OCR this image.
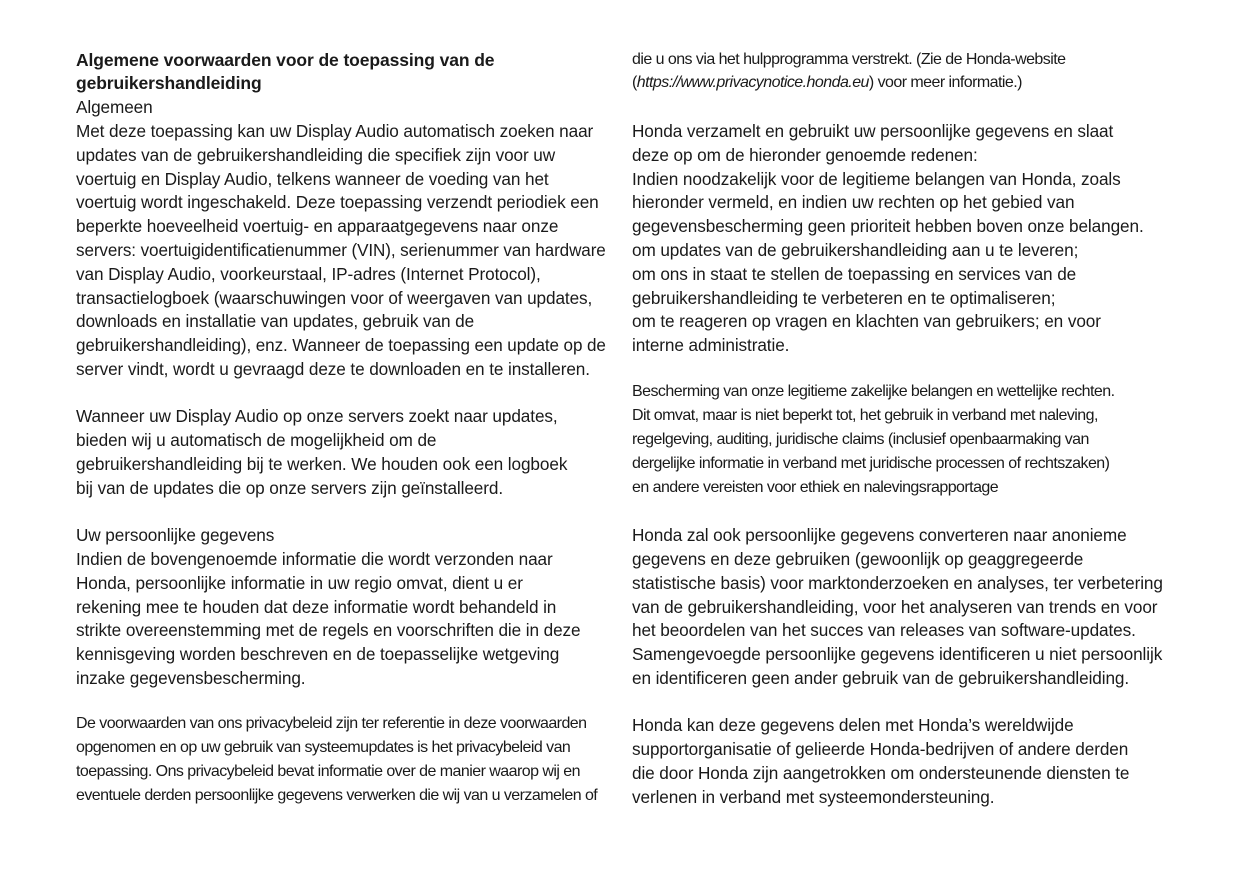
Algemene voorwaarden voor de toepassing van de
gebruikershandleiding
Algemeen
Met deze toepassing kan uw Display Audio automatisch zoeken naar
updates van de gebruikershandleiding die specifiek zijn voor uw
voertuig en Display Audio, telkens wanneer de voeding van het
voertuig wordt ingeschakeld. Deze toepassing verzendt periodiek een
beperkte hoeveelheid voertuig- en apparaatgegevens naar onze
servers: voertuigidentificatienummer (VIN), serienummer van hardware
van Display Audio, voorkeurstaal, IP-adres (Internet Protocol),
transactielogboek (waarschuwingen voor of weergaven van updates,
downloads en installatie van updates, gebruik van de
gebruikershandleiding), enz. Wanneer de toepassing een update op de
server vindt, wordt u gevraagd deze te downloaden en te installeren.
Wanneer uw Display Audio op onze servers zoekt naar updates,
bieden wij u automatisch de mogelijkheid om de
gebruikershandleiding bij te werken. We houden ook een logboek
bij van de updates die op onze servers zijn geïnstalleerd.
Uw persoonlijke gegevens
Indien de bovengenoemde informatie die wordt verzonden naar
Honda, persoonlijke informatie in uw regio omvat, dient u er
rekening mee te houden dat deze informatie wordt behandeld in
strikte overeenstemming met de regels en voorschriften die in deze
kennisgeving worden beschreven en de toepasselijke wetgeving
inzake gegevensbescherming.
De voorwaarden van ons privacybeleid zijn ter referentie in deze voorwaarden
opgenomen en op uw gebruik van systeemupdates is het privacybeleid van
toepassing. Ons privacybeleid bevat informatie over de manier waarop wij en
eventuele derden persoonlijke gegevens verwerken die wij van u verzamelen of
die u ons via het hulpprogramma verstrekt. (Zie de Honda-website
(https://www.privacynotice.honda.eu) voor meer informatie.)
Honda verzamelt en gebruikt uw persoonlijke gegevens en slaat
deze op om de hieronder genoemde redenen:
Indien noodzakelijk voor de legitieme belangen van Honda, zoals
hieronder vermeld, en indien uw rechten op het gebied van
gegevensbescherming geen prioriteit hebben boven onze belangen.
om updates van de gebruikershandleiding aan u te leveren;
om ons in staat te stellen de toepassing en services van de
gebruikershandleiding te verbeteren en te optimaliseren;
om te reageren op vragen en klachten van gebruikers; en voor
interne administratie.
Bescherming van onze legitieme zakelijke belangen en wettelijke rechten.
Dit omvat, maar is niet beperkt tot, het gebruik in verband met naleving,
regelgeving, auditing, juridische claims (inclusief openbaarmaking van
dergelijke informatie in verband met juridische processen of rechtszaken)
en andere vereisten voor ethiek en nalevingsrapportage
Honda zal ook persoonlijke gegevens converteren naar anonieme
gegevens en deze gebruiken (gewoonlijk op geaggregeerde
statistische basis) voor marktonderzoeken en analyses, ter verbetering
van de gebruikershandleiding, voor het analyseren van trends en voor
het beoordelen van het succes van releases van software-updates.
Samengevoegde persoonlijke gegevens identificeren u niet persoonlijk
en identificeren geen ander gebruik van de gebruikershandleiding.
Honda kan deze gegevens delen met Honda’s wereldwijde
supportorganisatie of gelieerde Honda-bedrijven of andere derden
die door Honda zijn aangetrokken om ondersteunende diensten te
verlenen in verband met systeemondersteuning.
